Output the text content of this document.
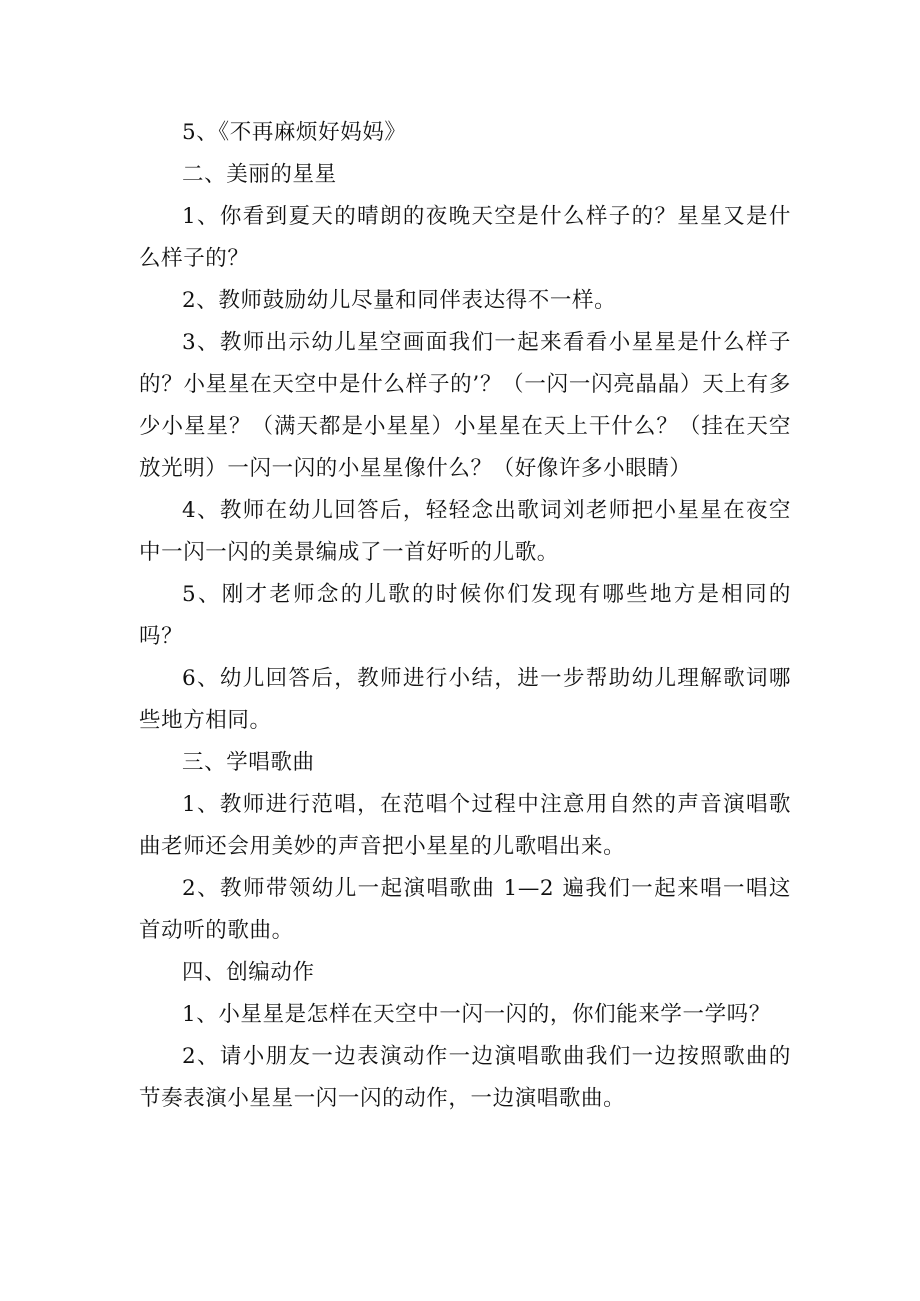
5、《不再麻烦好妈妈》

二、美丽的星星

1、你看到夏天的晴朗的夜晚天空是什么样子的？星星又是什么样子的？

2、教师鼓励幼儿尽量和同伴表达得不一样。

3、教师出示幼儿星空画面我们一起来看看小星星是什么样子的？小星星在天空中是什么样子的’？（一闪一闪亮晶晶）天上有多少小星星？（满天都是小星星）小星星在天上干什么？（挂在天空放光明）一闪一闪的小星星像什么？（好像许多小眼睛）

4、教师在幼儿回答后，轻轻念出歌词刘老师把小星星在夜空中一闪一闪的美景编成了一首好听的儿歌。

5、刚才老师念的儿歌的时候你们发现有哪些地方是相同的吗？

6、幼儿回答后，教师进行小结，进一步帮助幼儿理解歌词哪些地方相同。

三、学唱歌曲

1、教师进行范唱，在范唱个过程中注意用自然的声音演唱歌曲老师还会用美妙的声音把小星星的儿歌唱出来。

2、教师带领幼儿一起演唱歌曲 1—2 遍我们一起来唱一唱这首动听的歌曲。

四、创编动作

1、小星星是怎样在天空中一闪一闪的，你们能来学一学吗？

2、请小朋友一边表演动作一边演唱歌曲我们一边按照歌曲的节奏表演小星星一闪一闪的动作，一边演唱歌曲。
